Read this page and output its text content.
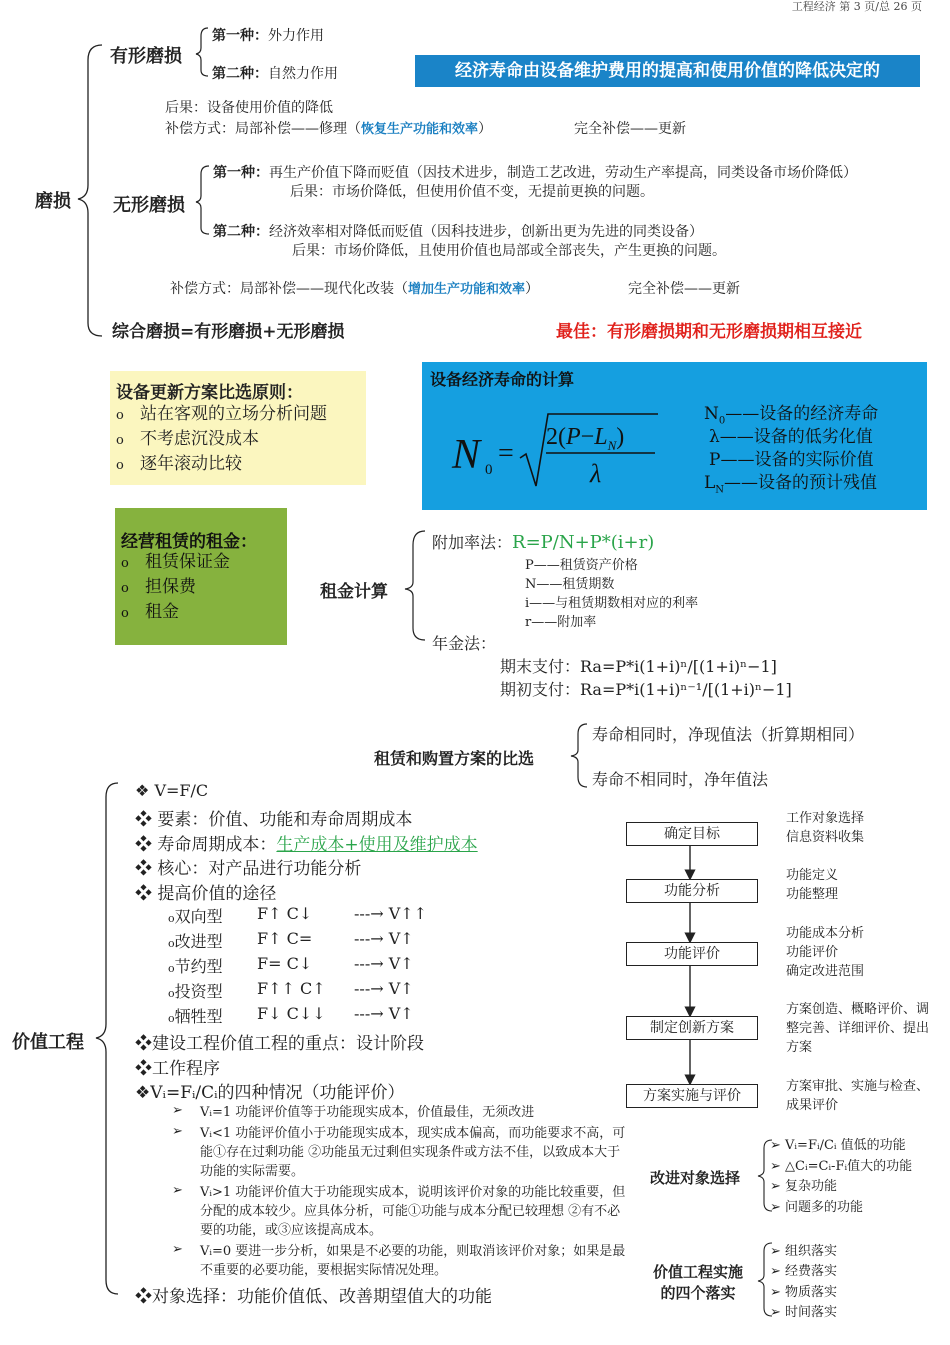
工程经济 第 3 页/总 26 页
磨损
有形磨损
第一种：外力作用
第二种：自然力作用	经济寿命由设备维护费用的提高和使用价值的降低决定的
后果：设备使用价值的降低
补偿方式：局部补偿——修理（恢复生产功能和效率）	完全补偿——更新
无形磨损
第一种：再生产价值下降而贬值（因技术进步，制造工艺改进，劳动生产率提高，同类设备市场价降低）
后果：市场价降低，但使用价值不变，无提前更换的问题。
第二种：经济效率相对降低而贬值（因科技进步，创新出更为先进的同类设备）
后果：市场价降低，且使用价值也局部或全部丧失，产生更换的问题。
补偿方式：局部补偿——现代化改装（增加生产功能和效率）	完全补偿——更新
综合磨损=有形磨损+无形磨损	最佳：有形磨损期和无形磨损期相互接近
设备更新方案比选原则：
o 站在客观的立场分析问题
o 不考虑沉没成本
o 逐年滚动比较
设备经济寿命的计算
N 0
=
$2(P-L_N)$
λ
$N_0——$设备的经济寿命
λ——设备的低劣化值
P——设备的实际价值
$L_N——$设备的预计残值
经营租赁的租金：
o 租赁保证金
o 担保费
o 租金
租金计算
附加率法：R=P/N+P*(i+r)
P——租赁资产价格
N——租赁期数
i——与租赁期数相对应的利率
r——附加率
年金法：
期末支付：Ra=P*i(1+i)ⁿ/[(1+i)ⁿ−1]
期初支付：Ra=P*i(1+i)ⁿ⁻¹/[(1+i)ⁿ−1]
租赁和购置方案的比选
寿命相同时，净现值法（折算期相同）
寿命不相同时，净年值法
价值工程
❖ V=F/C
❖ 要素：价值、功能和寿命周期成本
❖ 寿命周期成本：生产成本+使用及维护成本
❖ 核心：对产品进行功能分析
❖ 提高价值的途径
o双向型 F↑ C↓	---→ V↑↑
o改进型 F↑ C=	---→ V↑
o节约型 F= C↓	---→ V↑
o投资型 F↑↑ C↑ ---→ V↑
o牺牲型 F↓ C↓↓ ---→ V↑
❖建设工程价值工程的重点：设计阶段
❖工作程序
❖Vᵢ=Fᵢ/Cᵢ的四种情况（功能评价）
➢ Vᵢ=1 功能评价值等于功能现实成本，价值最佳，无须改进
➢ Vᵢ<1 功能评价值小于功能现实成本，现实成本偏高，而功能要求不高，可能①存在过剩功能 ②功能虽无过剩但实现条件或方法不佳，以致成本大于功能的实际需要。
➢ Vᵢ>1 功能评价值大于功能现实成本，说明该评价对象的功能比较重要，但分配的成本较少。应具体分析，可能①功能与成本分配已较理想 ②有不必要的功能，或③应该提高成本。
➢ Vᵢ=0 要进一步分析，如果是不必要的功能，则取消该评价对象；如果是最不重要的必要功能，要根据实际情况处理。
❖对象选择：功能价值低、改善期望值大的功能
确定目标
功能分析
功能评价
制定创新方案
方案实施与评价
工作对象选择
信息资料收集
功能定义
功能整理
功能成本分析
功能评价
确定改进范围
方案创造、概略评价、调整完善、详细评价、提出方案
方案审批、实施与检查、成果评价
改进对象选择
➢ Vᵢ=Fᵢ/Cᵢ 值低的功能
➢ △Cᵢ=Cᵢ-Fᵢ值大的功能
➢ 复杂功能
➢ 问题多的功能
价值工程实施的四个落实
➢ 组织落实
➢ 经费落实
➢ 物质落实
➢ 时间落实
